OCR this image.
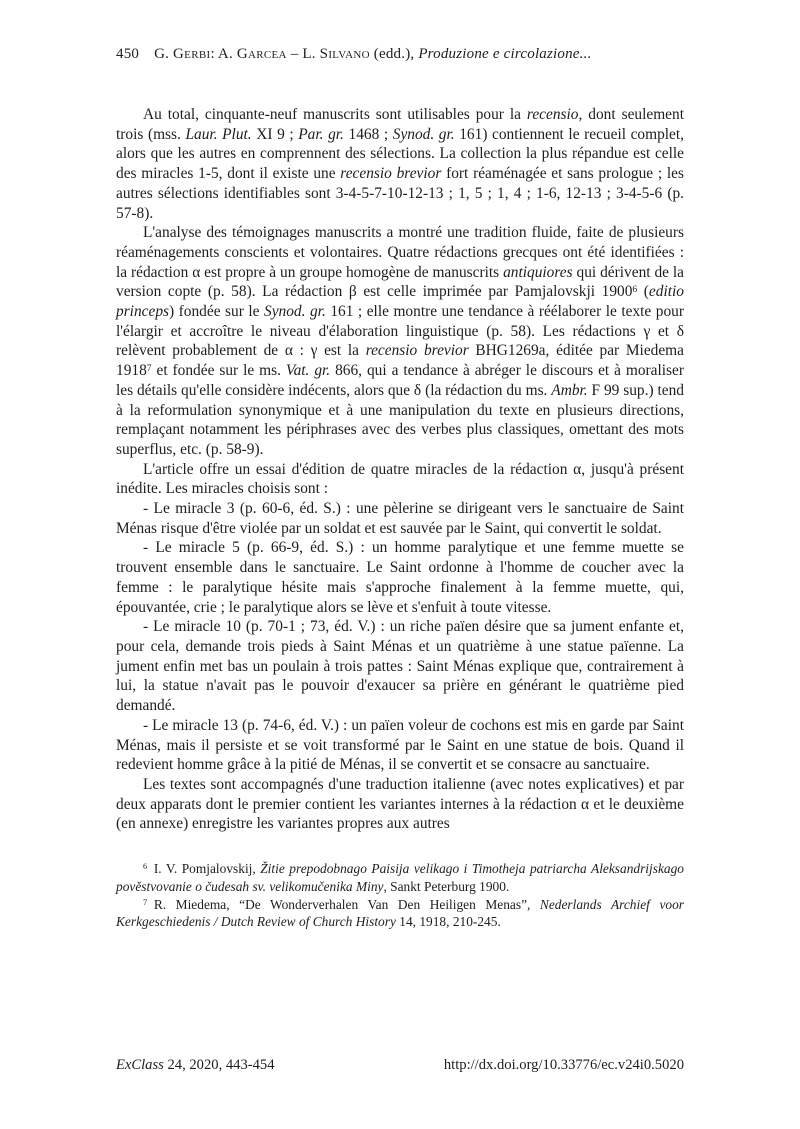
450 G. Gerbi: A. Garcea – L. Silvano (edd.), Produzione e circolazione...

Au total, cinquante-neuf manuscrits sont utilisables pour la recensio, dont seulement trois (mss. Laur. Plut. XI 9 ; Par. gr. 1468 ; Synod. gr. 161) contiennent le recueil complet, alors que les autres en comprennent des sélections. La collection la plus répandue est celle des miracles 1-5, dont il existe une recensio brevior fort réaménagée et sans prologue ; les autres sélections identifiables sont 3-4-5-7-10-12-13 ; 1, 5 ; 1, 4 ; 1-6, 12-13 ; 3-4-5-6 (p. 57-8).

L'analyse des témoignages manuscrits a montré une tradition fluide, faite de plusieurs réaménagements conscients et volontaires. Quatre rédactions grecques ont été identifiées : la rédaction α est propre à un groupe homogène de manuscrits antiquiores qui dérivent de la version copte (p. 58). La rédaction β est celle imprimée par Pamjalovskji 1900$^6$ (editio princeps) fondée sur le Synod. gr. 161 ; elle montre une tendance à réélaborer le texte pour l'élargir et accroître le niveau d'élaboration linguistique (p. 58). Les rédactions γ et δ relèvent probablement de α : γ est la recensio brevior BHG1269a, éditée par Miedema 1918$^7$ et fondée sur le ms. Vat. gr. 866, qui a tendance à abréger le discours et à moraliser les détails qu'elle considère indécents, alors que δ (la rédaction du ms. Ambr. F 99 sup.) tend à la reformulation synonymique et à une manipulation du texte en plusieurs directions, remplaçant notamment les périphrases avec des verbes plus classiques, omettant des mots superflus, etc. (p. 58-9).

L'article offre un essai d'édition de quatre miracles de la rédaction α, jusqu'à présent inédite. Les miracles choisis sont :

- Le miracle 3 (p. 60-6, éd. S.) : une pèlerine se dirigeant vers le sanctuaire de Saint Ménas risque d'être violée par un soldat et est sauvée par le Saint, qui convertit le soldat.

- Le miracle 5 (p. 66-9, éd. S.) : un homme paralytique et une femme muette se trouvent ensemble dans le sanctuaire. Le Saint ordonne à l'homme de coucher avec la femme : le paralytique hésite mais s'approche finalement à la femme muette, qui, épouvantée, crie ; le paralytique alors se lève et s'enfuit à toute vitesse.

- Le miracle 10 (p. 70-1 ; 73, éd. V.) : un riche païen désire que sa jument enfante et, pour cela, demande trois pieds à Saint Ménas et un quatrième à une statue païenne. La jument enfin met bas un poulain à trois pattes : Saint Ménas explique que, contrairement à lui, la statue n'avait pas le pouvoir d'exaucer sa prière en générant le quatrième pied demandé.

- Le miracle 13 (p. 74-6, éd. V.) : un païen voleur de cochons est mis en garde par Saint Ménas, mais il persiste et se voit transformé par le Saint en une statue de bois. Quand il redevient homme grâce à la pitié de Ménas, il se convertit et se consacre au sanctuaire.

Les textes sont accompagnés d'une traduction italienne (avec notes explicatives) et par deux apparats dont le premier contient les variantes internes à la rédaction α et le deuxième (en annexe) enregistre les variantes propres aux autres

$^6$ I. V. Pomjalovskij, Žitie prepodobnago Paisija velikago i Timotheja patriarcha Aleksandrijskago pověstvovanie o čudesah sv. velikomučenika Miny, Sankt Peterburg 1900.

$^7$ R. Miedema, “De Wonderverhalen Van Den Heiligen Menas”, Nederlands Archief voor Kerkgeschiedenis / Dutch Review of Church History 14, 1918, 210-245.

ExClass 24, 2020, 443-454	http://dx.doi.org/10.33776/ec.v24i0.5020
